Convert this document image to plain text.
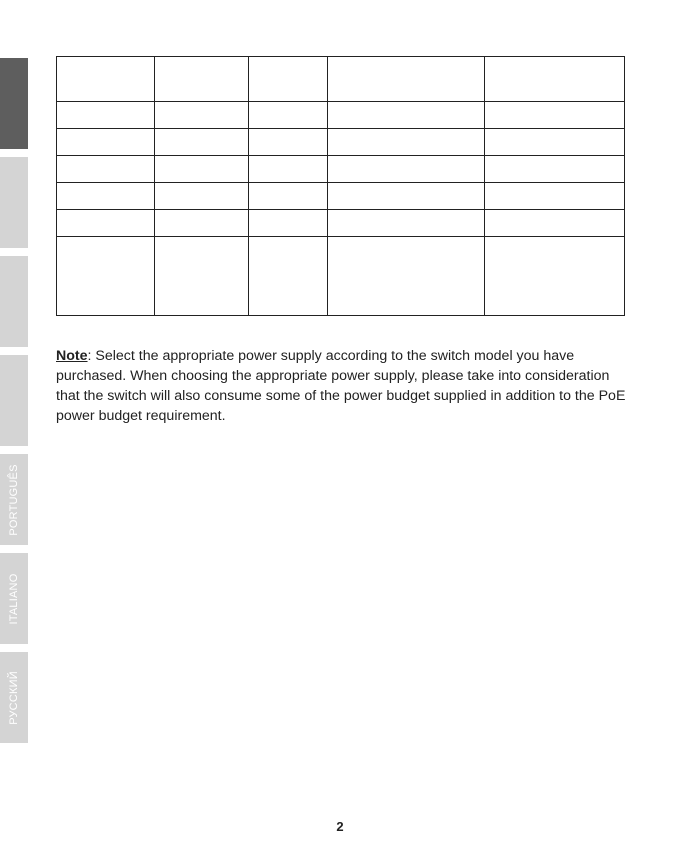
PORTUGUÊS
ITALIANO
РУССКИЙ

Note: Select the appropriate power supply according to the switch model you have purchased. When choosing the appropriate power supply, please take into consideration that the switch will also consume some of the power budget supplied in addition to the PoE power budget requirement.

2
